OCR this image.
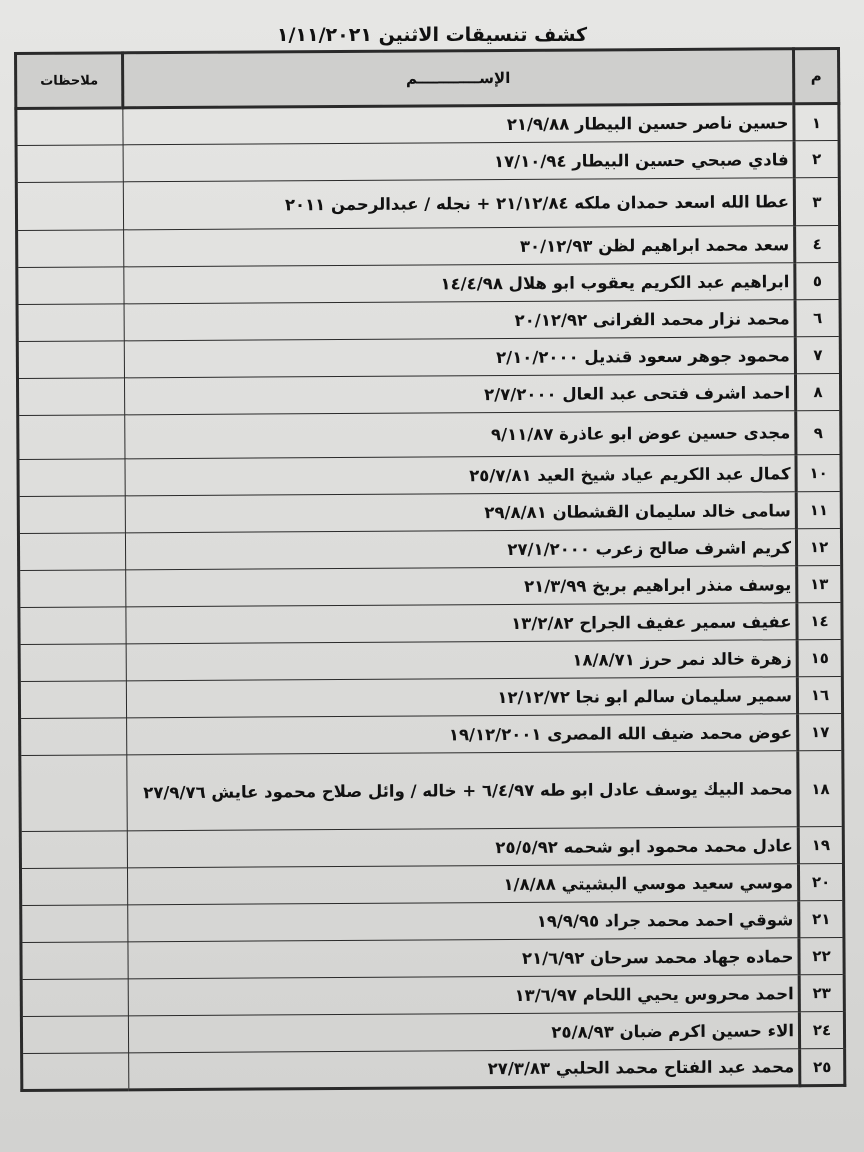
كشف تنسيقات الاثنين ١/١١/٢٠٢١
م	الإســــــــــــم	ملاحظات
١	حسين ناصر حسين البيطار ٢١/٩/٨٨	
٢	فادي صبحي حسين البيطار ١٧/١٠/٩٤	
٣	عطا الله اسعد حمدان ملكه ٢١/١٢/٨٤ + نجله / عبدالرحمن ٢٠١١	
٤	سعد محمد ابراهيم لظن ٣٠/١٢/٩٣	
٥	ابراهيم عبد الكريم يعقوب ابو هلال ١٤/٤/٩٨	
٦	محمد نزار محمد الفرانى ٢٠/١٢/٩٢	
٧	محمود جوهر سعود قنديل ٢/١٠/٢٠٠٠	
٨	احمد اشرف فتحى عبد العال ٢/٧/٢٠٠٠	
٩	مجدى حسين عوض ابو عاذرة ٩/١١/٨٧	
١٠	كمال عبد الكريم عياد شيخ العيد ٢٥/٧/٨١	
١١	سامى خالد سليمان القشطان ٢٩/٨/٨١	
١٢	كريم اشرف صالح زعرب ٢٧/١/٢٠٠٠	
١٣	يوسف منذر ابراهيم بربخ ٢١/٣/٩٩	
١٤	عفيف سمير عفيف الجراح ١٣/٢/٨٢	
١٥	زهرة خالد نمر حرز ١٨/٨/٧١	
١٦	سمير سليمان سالم ابو نجا ١٢/١٢/٧٢	
١٧	عوض محمد ضيف الله المصرى ١٩/١٢/٢٠٠١	
١٨	محمد البيك يوسف عادل ابو طه ٦/٤/٩٧ + خاله / وائل صلاح محمود عايش ٢٧/٩/٧٦	
١٩	عادل محمد محمود ابو شحمه ٢٥/٥/٩٢	
٢٠	موسي سعيد موسي البشيتي ١/٨/٨٨	
٢١	شوقي احمد محمد جراد ١٩/٩/٩٥	
٢٢	حماده جهاد محمد سرحان ٢١/٦/٩٢	
٢٣	احمد محروس يحيي اللحام ١٣/٦/٩٧	
٢٤	الاء حسين اكرم ضبان ٢٥/٨/٩٣	
٢٥	محمد عبد الفتاح محمد الحلبي ٢٧/٣/٨٣	
